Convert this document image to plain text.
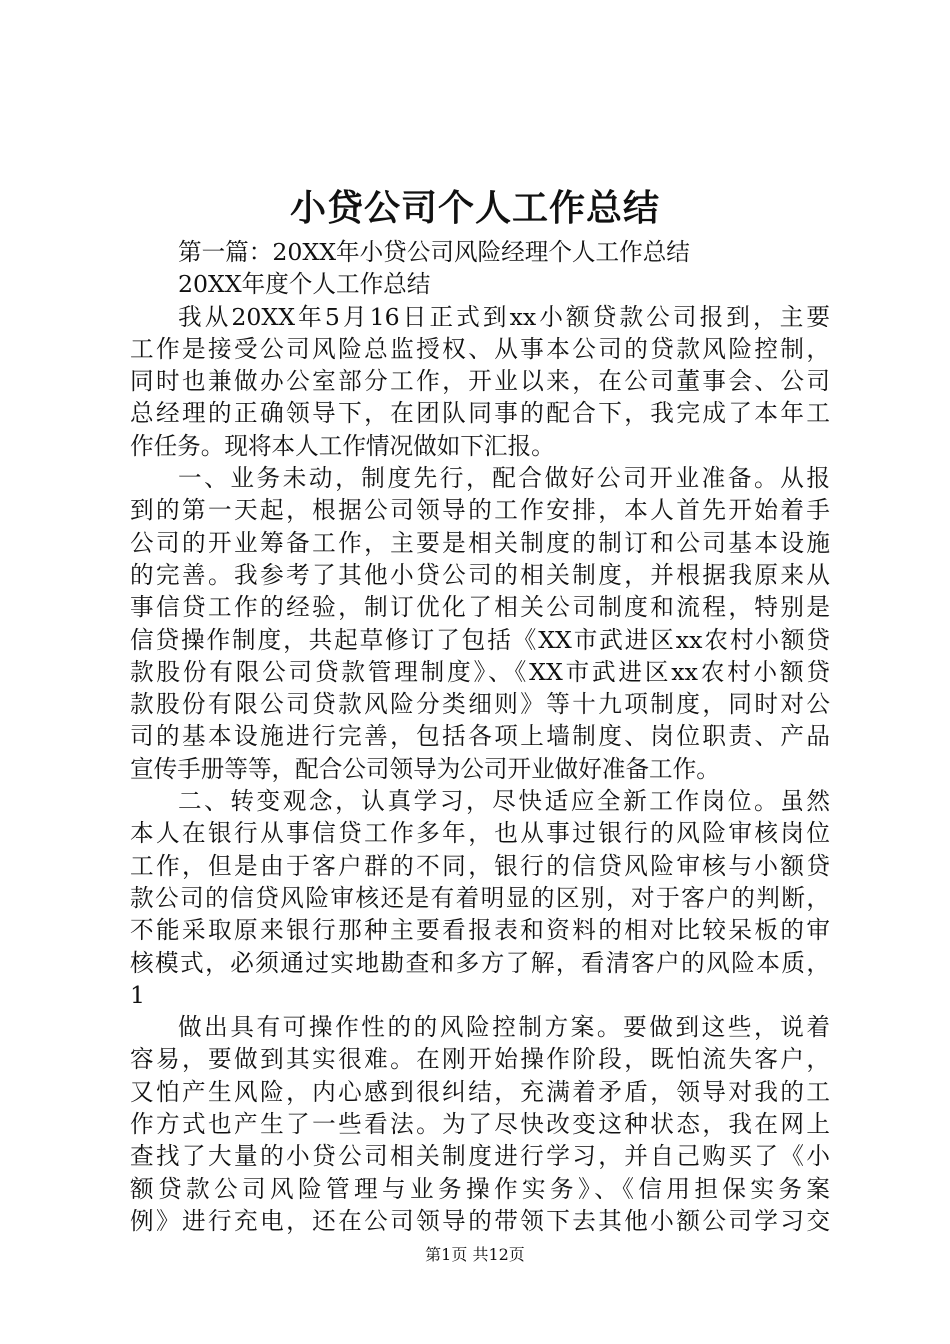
小贷公司个人工作总结
第一篇：20XX年小贷公司风险经理个人工作总结
20XX年度个人工作总结
我从20XX年5月16日正式到xx小额贷款公司报到，主要
工作是接受公司风险总监授权、从事本公司的贷款风险控制，
同时也兼做办公室部分工作，开业以来，在公司董事会、公司
总经理的正确领导下，在团队同事的配合下，我完成了本年工
作任务。现将本人工作情况做如下汇报。
一、业务未动，制度先行，配合做好公司开业准备。从报
到的第一天起，根据公司领导的工作安排，本人首先开始着手
公司的开业筹备工作，主要是相关制度的制订和公司基本设施
的完善。我参考了其他小贷公司的相关制度，并根据我原来从
事信贷工作的经验，制订优化了相关公司制度和流程，特别是
信贷操作制度，共起草修订了包括《XX市武进区xx农村小额贷
款股份有限公司贷款管理制度》、《XX市武进区xx农村小额贷
款股份有限公司贷款风险分类细则》等十九项制度，同时对公
司的基本设施进行完善，包括各项上墙制度、岗位职责、产品
宣传手册等等，配合公司领导为公司开业做好准备工作。
二、转变观念，认真学习，尽快适应全新工作岗位。虽然
本人在银行从事信贷工作多年，也从事过银行的风险审核岗位
工作，但是由于客户群的不同，银行的信贷风险审核与小额贷
款公司的信贷风险审核还是有着明显的区别，对于客户的判断，
不能采取原来银行那种主要看报表和资料的相对比较呆板的审
核模式，必须通过实地勘查和多方了解，看清客户的风险本质，
1
做出具有可操作性的的风险控制方案。要做到这些，说着
容易，要做到其实很难。在刚开始操作阶段，既怕流失客户，
又怕产生风险，内心感到很纠结，充满着矛盾，领导对我的工
作方式也产生了一些看法。为了尽快改变这种状态，我在网上
查找了大量的小贷公司相关制度进行学习，并自己购买了《小
额贷款公司风险管理与业务操作实务》、《信用担保实务案
例》进行充电，还在公司领导的带领下去其他小额公司学习交
第1页 共12页
